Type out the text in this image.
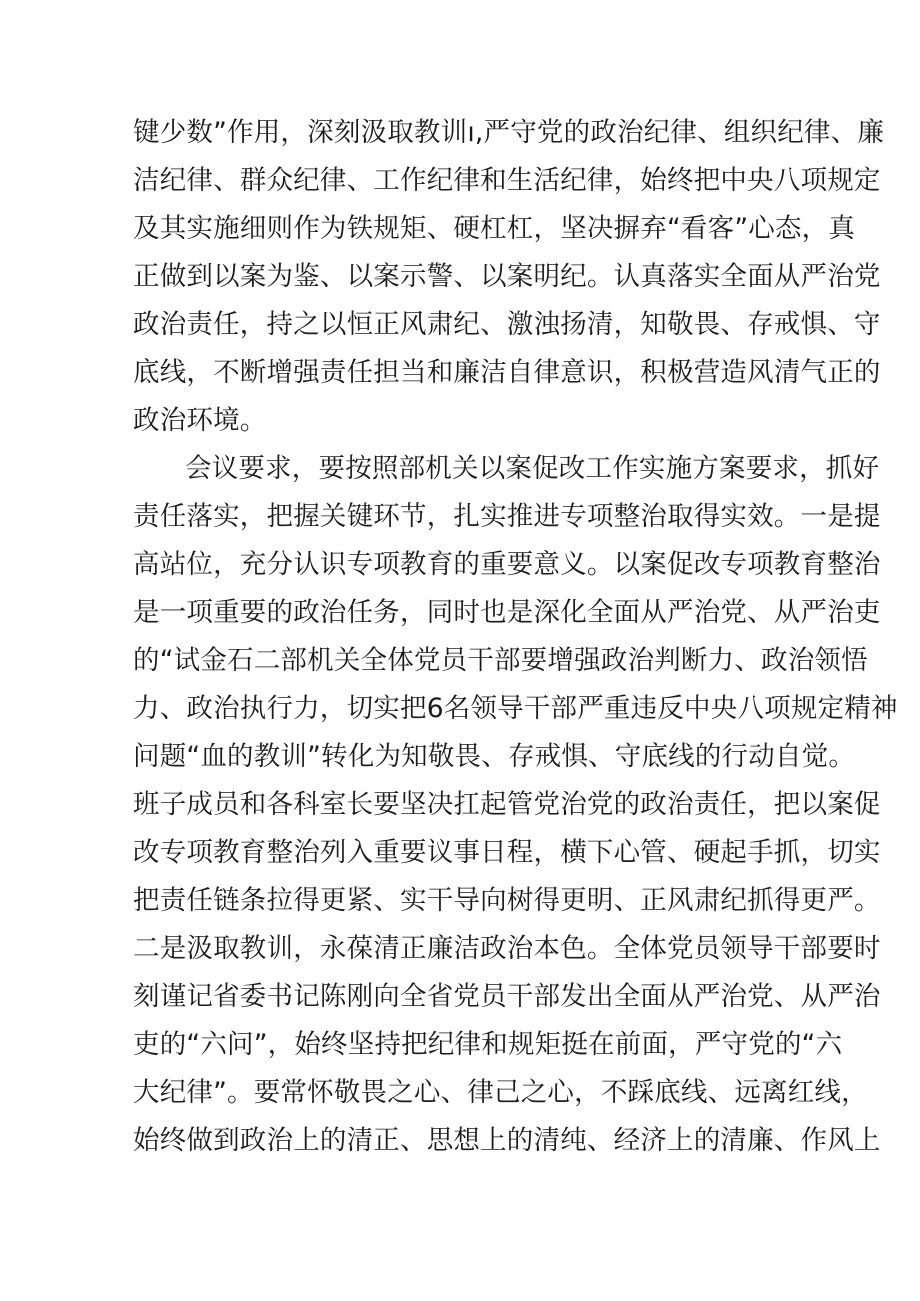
键少数”作用，深刻汲取教训ı,严守党的政治纪律、组织纪律、廉
洁纪律、群众纪律、工作纪律和生活纪律，始终把中央八项规定
及其实施细则作为铁规矩、硬杠杠，坚决摒弃“看客”心态，真
正做到以案为鉴、以案示警、以案明纪。认真落实全面从严治党
政治责任，持之以恒正风肃纪、激浊扬清，知敬畏、存戒惧、守
底线，不断增强责任担当和廉洁自律意识，积极营造风清气正的
政治环境。
会议要求，要按照部机关以案促改工作实施方案要求，抓好
责任落实，把握关键环节，扎实推进专项整治取得实效。一是提
高站位，充分认识专项教育的重要意义。以案促改专项教育整治
是一项重要的政治任务，同时也是深化全面从严治党、从严治吏
的“试金石二部机关全体党员干部要增强政治判断力、政治领悟
力、政治执行力，切实把6名领导干部严重违反中央八项规定精神
问题“血的教训”转化为知敬畏、存戒惧、守底线的行动自觉。
班子成员和各科室长要坚决扛起管党治党的政治责任，把以案促
改专项教育整治列入重要议事日程，横下心管、硬起手抓，切实
把责任链条拉得更紧、实干导向树得更明、正风肃纪抓得更严。
二是汲取教训，永葆清正廉洁政治本色。全体党员领导干部要时
刻谨记省委书记陈刚向全省党员干部发出全面从严治党、从严治
吏的“六问”，始终坚持把纪律和规矩挺在前面，严守党的“六
大纪律”。要常怀敬畏之心、律己之心，不踩底线、远离红线，
始终做到政治上的清正、思想上的清纯、经济上的清廉、作风上
